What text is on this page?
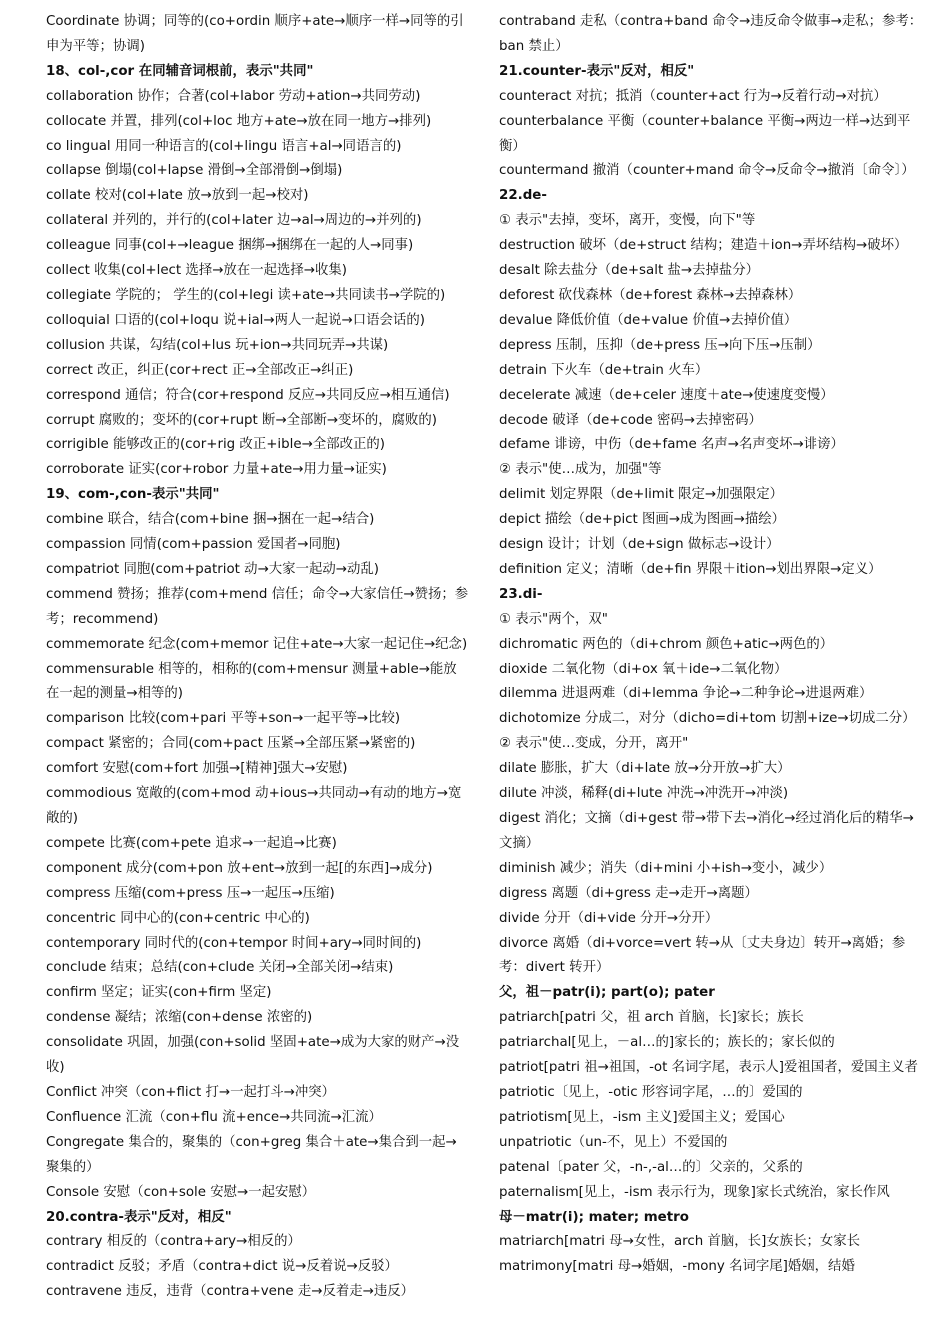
Coordinate 协调；同等的(co+ordin 顺序+ate→顺序一样→同等的引申为平等；协调)
18、col-,cor 在同辅音词根前，表示"共同"
collaboration 协作；合著(col+labor 劳动+ation→共同劳动)
collocate 并置，排列(col+loc 地方+ate→放在同一地方→排列)
co lingual 用同一种语言的(col+lingu 语言+al→同语言的)
collapse 倒塌(col+lapse 滑倒→全部滑倒→倒塌)
collate 校对(col+late 放→放到一起→校对)
collateral 并列的，并行的(col+later 边→al→周边的→并列的)
colleague 同事(col+→league 捆绑→捆绑在一起的人→同事)
collect 收集(col+lect 选择→放在一起选择→收集)
collegiate 学院的； 学生的(col+legi 读+ate→共同读书→学院的)
colloquial 口语的(col+loqu 说+ial→两人一起说→口语会话的)
collusion 共谋，勾结(col+lus 玩+ion→共同玩弄→共谋)
correct 改正，纠正(cor+rect 正→全部改正→纠正)
correspond 通信；符合(cor+respond 反应→共同反应→相互通信)
corrupt 腐败的；变坏的(cor+rupt 断→全部断→变坏的，腐败的)
corrigible 能够改正的(cor+rig 改正+ible→全部改正的)
corroborate 证实(cor+robor 力量+ate→用力量→证实)
19、com-,con-表示"共同"
combine 联合，结合(com+bine 捆→捆在一起→结合)
compassion 同情(com+passion 爱国者→同胞)
compatriot 同胞(com+patriot 动→大家一起动→动乱)
commend 赞扬；推荐(com+mend 信任；命令→大家信任→赞扬；参考；recommend)
commemorate 纪念(com+memor 记住+ate→大家一起记住→纪念)
commensurable 相等的，相称的(com+mensur 测量+able→能放在一起的测量→相等的)
comparison 比较(com+pari 平等+son→一起平等→比较)
compact 紧密的；合同(com+pact 压紧→全部压紧→紧密的)
comfort 安慰(com+fort 加强→[精神]强大→安慰)
commodious 宽敞的(com+mod 动+ious→共同动→有动的地方→宽敞的)
compete 比赛(com+pete 追求→一起追→比赛)
component 成分(com+pon 放+ent→放到一起[的东西]→成分)
compress 压缩(com+press 压→一起压→压缩)
concentric 同中心的(con+centric 中心的)
contemporary 同时代的(con+tempor 时间+ary→同时间的)
conclude 结束；总结(con+clude 关闭→全部关闭→结束)
confirm 坚定；证实(con+firm 坚定)
condense 凝结；浓缩(con+dense 浓密的)
consolidate 巩固，加强(con+solid 坚固+ate→成为大家的财产→没收)
Conflict 冲突（con+flict 打→一起打斗→冲突）
Confluence 汇流（con+flu 流+ence→共同流→汇流）
Congregate 集合的，聚集的（con+greg 集合＋ate→集合到一起→聚集的）
Console 安慰（con+sole 安慰→一起安慰）
20.contra-表示"反对，相反"
contrary 相反的（contra+ary→相反的）
contradict 反驳；矛盾（contra+dict 说→反着说→反驳）
contravene 违反，违背（contra+vene 走→反着走→违反）
contraband 走私（contra+band 命令→违反命令做事→走私；参考：ban 禁止）
21.counter-表示"反对，相反"
counteract 对抗；抵消（counter+act 行为→反着行动→对抗）
counterbalance 平衡（counter+balance 平衡→两边一样→达到平衡）
countermand 撤消（counter+mand 命令→反命令→撤消〔命令〕）
22.de-
① 表示"去掉，变坏，离开，变慢，向下"等
destruction 破坏（de+struct 结构；建造＋ion→弄坏结构→破坏）
desalt 除去盐分（de+salt 盐→去掉盐分）
deforest 砍伐森林（de+forest 森林→去掉森林）
devalue 降低价值（de+value 价值→去掉价值）
depress 压制，压抑（de+press 压→向下压→压制）
detrain 下火车（de+train 火车）
decelerate 减速（de+celer 速度＋ate→使速度变慢）
decode 破译（de+code 密码→去掉密码）
defame 诽谤，中伤（de+fame 名声→名声变坏→诽谤）
② 表示"使…成为，加强"等
delimit 划定界限（de+limit 限定→加强限定）
depict 描绘（de+pict 图画→成为图画→描绘）
design 设计；计划（de+sign 做标志→设计）
definition 定义；清晰（de+fin 界限＋ition→划出界限→定义）
23.di-
① 表示"两个，双"
dichromatic 两色的（di+chrom 颜色+atic→两色的）
dioxide 二氧化物（di+ox 氧＋ide→二氧化物）
dilemma 进退两难（di+lemma 争论→二种争论→进退两难）
dichotomize 分成二，对分（dicho=di+tom 切割+ize→切成二分）
② 表示"使…变成，分开，离开"
dilate 膨胀，扩大（di+late 放→分开放→扩大）
dilute 冲淡，稀释(di+lute 冲洗→冲洗开→冲淡)
digest 消化；文摘（di+gest 带→带下去→消化→经过消化后的精华→文摘）
diminish 减少；消失（di+mini 小+ish→变小，减少）
digress 离题（di+gress 走→走开→离题）
divide 分开（di+vide 分开→分开）
divorce 离婚（di+vorce=vert 转→从〔丈夫身边〕转开→离婚；参考：divert 转开）
父，祖－patr(i); part(o); pater
patriarch[patri 父，祖 arch 首脑，长]家长；族长
patriarchal[见上，－al…的]家长的；族长的；家长似的
patriot[patri 祖→祖国，-ot 名词字尾，表示人]爱祖国者，爱国主义者
patriotic〔见上，-otic 形容词字尾，…的〕爱国的
patriotism[见上，-ism 主义]爱国主义；爱国心
unpatriotic（un-不，见上）不爱国的
patenal〔pater 父，-n-,-al…的〕父亲的，父系的
paternalism[见上，-ism 表示行为，现象]家长式统治，家长作风
母－matr(i); mater; metro
matriarch[matri 母→女性，arch 首脑，长]女族长；女家长
matrimony[matri 母→婚姻，-mony 名词字尾]婚姻，结婚
